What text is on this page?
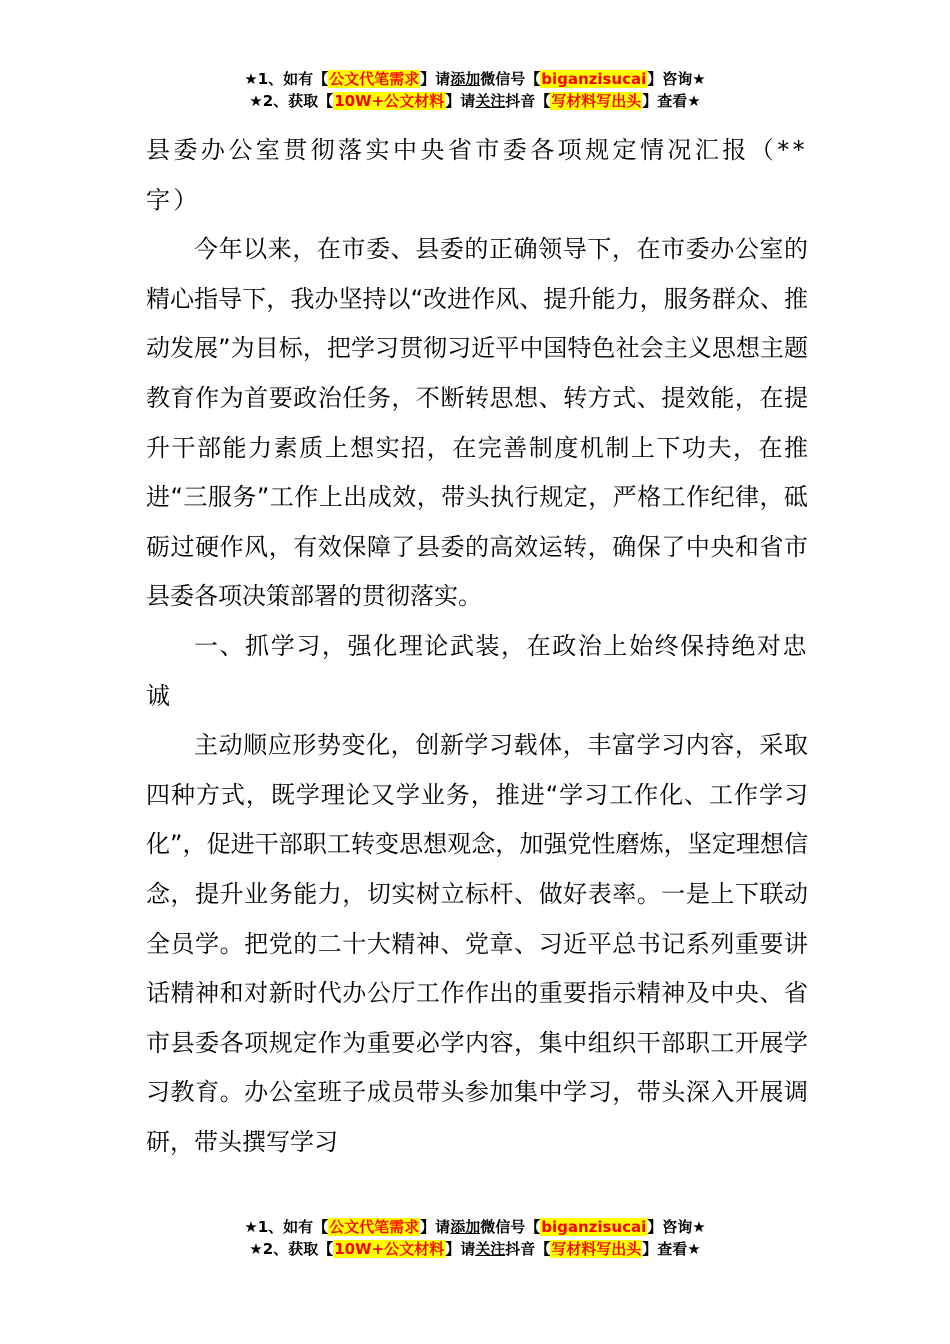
★1、如有【公文代笔需求】请添加微信号【biganzisucai】咨询★
★2、获取【10W+公文材料】请关注抖音【写材料写出头】查看★

县委办公室贯彻落实中央省市委各项规定情况汇报（**字）

今年以来，在市委、县委的正确领导下，在市委办公室的精心指导下，我办坚持以“改进作风、提升能力，服务群众、推动发展”为目标，把学习贯彻习近平中国特色社会主义思想主题教育作为首要政治任务，不断转思想、转方式、提效能，在提升干部能力素质上想实招，在完善制度机制上下功夫，在推进“三服务”工作上出成效，带头执行规定，严格工作纪律，砥砺过硬作风，有效保障了县委的高效运转，确保了中央和省市县委各项决策部署的贯彻落实。

一、抓学习，强化理论武装，在政治上始终保持绝对忠诚

主动顺应形势变化，创新学习载体，丰富学习内容，采取四种方式，既学理论又学业务，推进“学习工作化、工作学习化”，促进干部职工转变思想观念，加强党性磨炼，坚定理想信念，提升业务能力，切实树立标杆、做好表率。一是上下联动全员学。把党的二十大精神、党章、习近平总书记系列重要讲话精神和对新时代办公厅工作作出的重要指示精神及中央、省市县委各项规定作为重要必学内容，集中组织干部职工开展学习教育。办公室班子成员带头参加集中学习，带头深入开展调研，带头撰写学习

★1、如有【公文代笔需求】请添加微信号【biganzisucai】咨询★
★2、获取【10W+公文材料】请关注抖音【写材料写出头】查看★
